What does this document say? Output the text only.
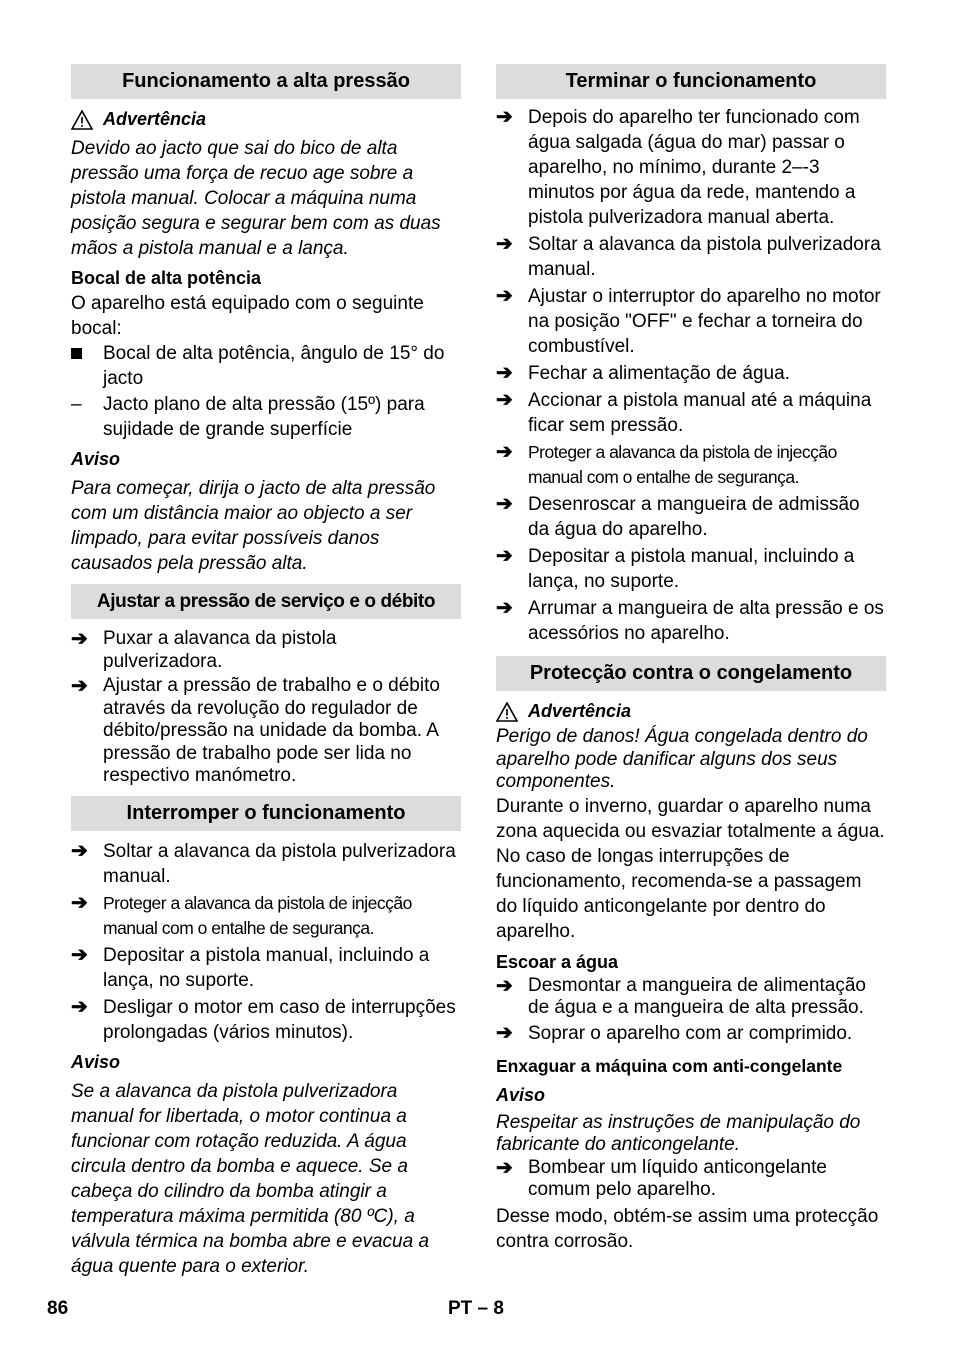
Funcionamento a alta pressão
Advertência

Devido ao jacto que sai do bico de alta pressão uma força de recuo age sobre a pistola manual. Colocar a máquina numa posição segura e segurar bem com as duas mãos a pistola manual e a lança.

Bocal de alta potência

O aparelho está equipado com o seguinte bocal:

Bocal de alta potência, ângulo de 15° do jacto
–	Jacto plano de alta pressão (15º) para sujidade de grande superfície
Aviso

Para começar, dirija o jacto de alta pressão com um distância maior ao objecto a ser limpado, para evitar possíveis danos causados pela pressão alta.

Ajustar a pressão de serviço e o débito
➔ Puxar a alavanca da pistola pulverizadora.
➔ Ajustar a pressão de trabalho e o débito através da revolução do regulador de débito/pressão na unidade da bomba. A pressão de trabalho pode ser lida no respectivo manómetro.
Interromper o funcionamento
➔ Soltar a alavanca da pistola pulverizadora manual.
➔ Proteger a alavanca da pistola de injecção manual com o entalhe de segurança.
➔ Depositar a pistola manual, incluindo a lança, no suporte.
➔ Desligar o motor em caso de interrupções prolongadas (vários minutos).
Aviso

Se a alavanca da pistola pulverizadora manual for libertada, o motor continua a funcionar com rotação reduzida. A água circula dentro da bomba e aquece. Se a cabeça do cilindro da bomba atingir a temperatura máxima permitida (80 ºC), a válvula térmica na bomba abre e evacua a água quente para o exterior.

Terminar o funcionamento
➔ Depois do aparelho ter funcionado com água salgada (água do mar) passar o aparelho, no mínimo, durante 2–-3 minutos por água da rede, mantendo a pistola pulverizadora manual aberta.
➔ Soltar a alavanca da pistola pulverizadora manual.
➔ Ajustar o interruptor do aparelho no motor na posição "OFF" e fechar a torneira do combustível.
➔ Fechar a alimentação de água.
➔ Accionar a pistola manual até a máquina ficar sem pressão.
➔ Proteger a alavanca da pistola de injecção manual com o entalhe de segurança.
➔ Desenroscar a mangueira de admissão da água do aparelho.
➔ Depositar a pistola manual, incluindo a lança, no suporte.
➔ Arrumar a mangueira de alta pressão e os acessórios no aparelho.
Protecção contra o congelamento
Advertência

Perigo de danos! Água congelada dentro do aparelho pode danificar alguns dos seus componentes.

Durante o inverno, guardar o aparelho numa zona aquecida ou esvaziar totalmente a água. No caso de longas interrupções de funcionamento, recomenda-se a passagem do líquido anticongelante por dentro do aparelho.

Escoar a água
➔ Desmontar a mangueira de alimentação de água e a mangueira de alta pressão.
➔ Soprar o aparelho com ar comprimido.
Enxaguar a máquina com anti-congelante
Aviso

Respeitar as instruções de manipulação do fabricante do anticongelante.

➔ Bombear um líquido anticongelante comum pelo aparelho.

Desse modo, obtém-se assim uma protecção contra corrosão.

86	PT – 8
